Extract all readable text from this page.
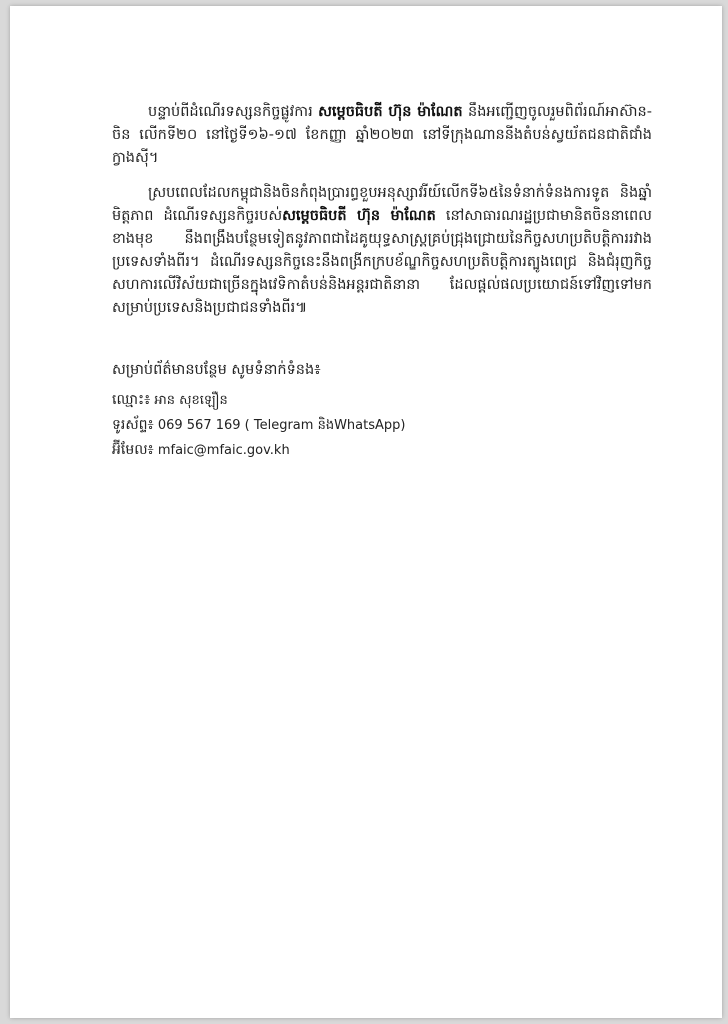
បន្ទាប់ពីដំណើរទស្សនកិច្ចផ្លូវការ សម្តេចធិបតី ហ៊ុន ម៉ាណែត នឹងអញ្ជើញចូលរួមពិព័រណ៍អាស៊ាន-ចិន លើកទី២០ នៅថ្ងៃទី១៦-១៧ ខែកញ្ញា ឆ្នាំ២០២៣ នៅទីក្រុងណាននីងតំបន់ស្វយ័តជនជាតិជាំងក្វាងស៊ី។

ស្របពេលដែលកម្ពុជានិងចិនកំពុងប្រារព្ធខួបអនុស្សាវរីយ៍លើកទី៦៥នៃទំនាក់ទំនងការទូត និងឆ្នាំមិត្តភាព ដំណើរទស្សនកិច្ចរបស់សម្តេចធិបតី ហ៊ុន ម៉ាណែត នៅសាធារណរដ្ឋប្រជាមានិតចិននាពេលខាងមុខ នឹងពង្រឹងបន្ថែមទៀតនូវភាពជាដៃគូយុទ្ធសាស្ត្រគ្រប់ជ្រុងជ្រោយនៃកិច្ចសហប្រតិបត្តិការរវាងប្រទេសទាំងពីរ។ ដំណើរទស្សនកិច្ចនេះនឹងពង្រីកក្របខ័ណ្ឌកិច្ចសហប្រតិបត្តិការត្បូងពេជ្រ និងជំរុញកិច្ចសហការលើវិស័យជាច្រើនក្នុងវេទិកាតំបន់និងអន្តរជាតិនានា ដែលផ្តល់ផលប្រយោជន៍ទៅវិញទៅមកសម្រាប់ប្រទេសនិងប្រជាជនទាំងពីរ៕

សម្រាប់ព័ត៌មានបន្ថែម សូមទំនាក់ទំនង៖
ឈ្មោះ៖ អាន សុខឡឿន
ទូរស័ព្ទ៖ 069 567 169 ( Telegram និងWhatsApp)
អ៊ីមែល៖ mfaic@mfaic.gov.kh
